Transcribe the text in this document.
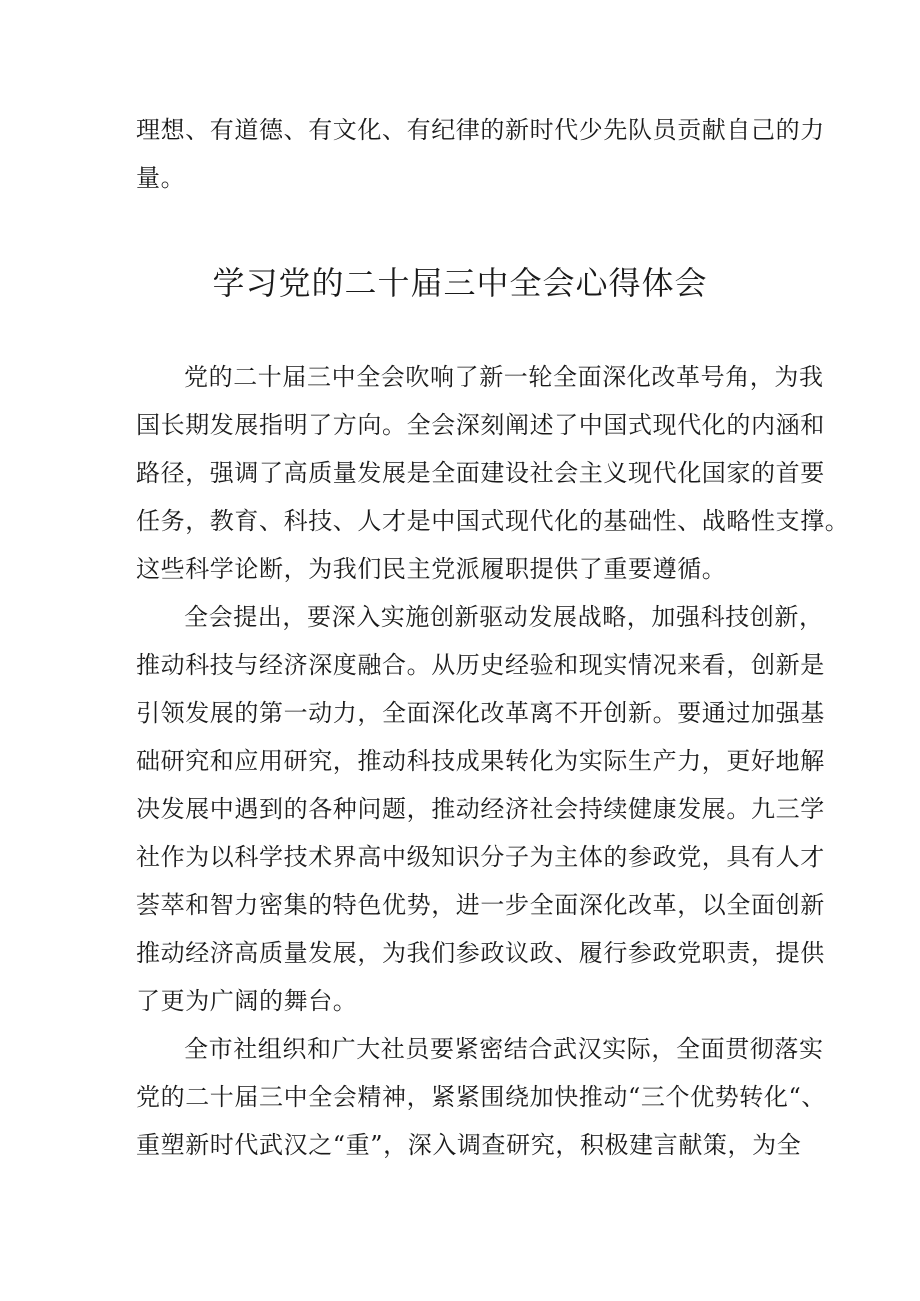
理想、有道德、有文化、有纪律的新时代少先队员贡献自己的力
量。
学习党的二十届三中全会心得体会
党的二十届三中全会吹响了新一轮全面深化改革号角，为我
国长期发展指明了方向。全会深刻阐述了中国式现代化的内涵和
路径，强调了高质量发展是全面建设社会主义现代化国家的首要
任务，教育、科技、人才是中国式现代化的基础性、战略性支撑。
这些科学论断，为我们民主党派履职提供了重要遵循。
全会提出，要深入实施创新驱动发展战略，加强科技创新，
推动科技与经济深度融合。从历史经验和现实情况来看，创新是
引领发展的第一动力，全面深化改革离不开创新。要通过加强基
础研究和应用研究，推动科技成果转化为实际生产力，更好地解
决发展中遇到的各种问题，推动经济社会持续健康发展。九三学
社作为以科学技术界高中级知识分子为主体的参政党，具有人才
荟萃和智力密集的特色优势，进一步全面深化改革，以全面创新
推动经济高质量发展，为我们参政议政、履行参政党职责，提供
了更为广阔的舞台。
全市社组织和广大社员要紧密结合武汉实际，全面贯彻落实
党的二十届三中全会精神，紧紧围绕加快推动“三个优势转化“、
重塑新时代武汉之“重”，深入调查研究，积极建言献策，为全
